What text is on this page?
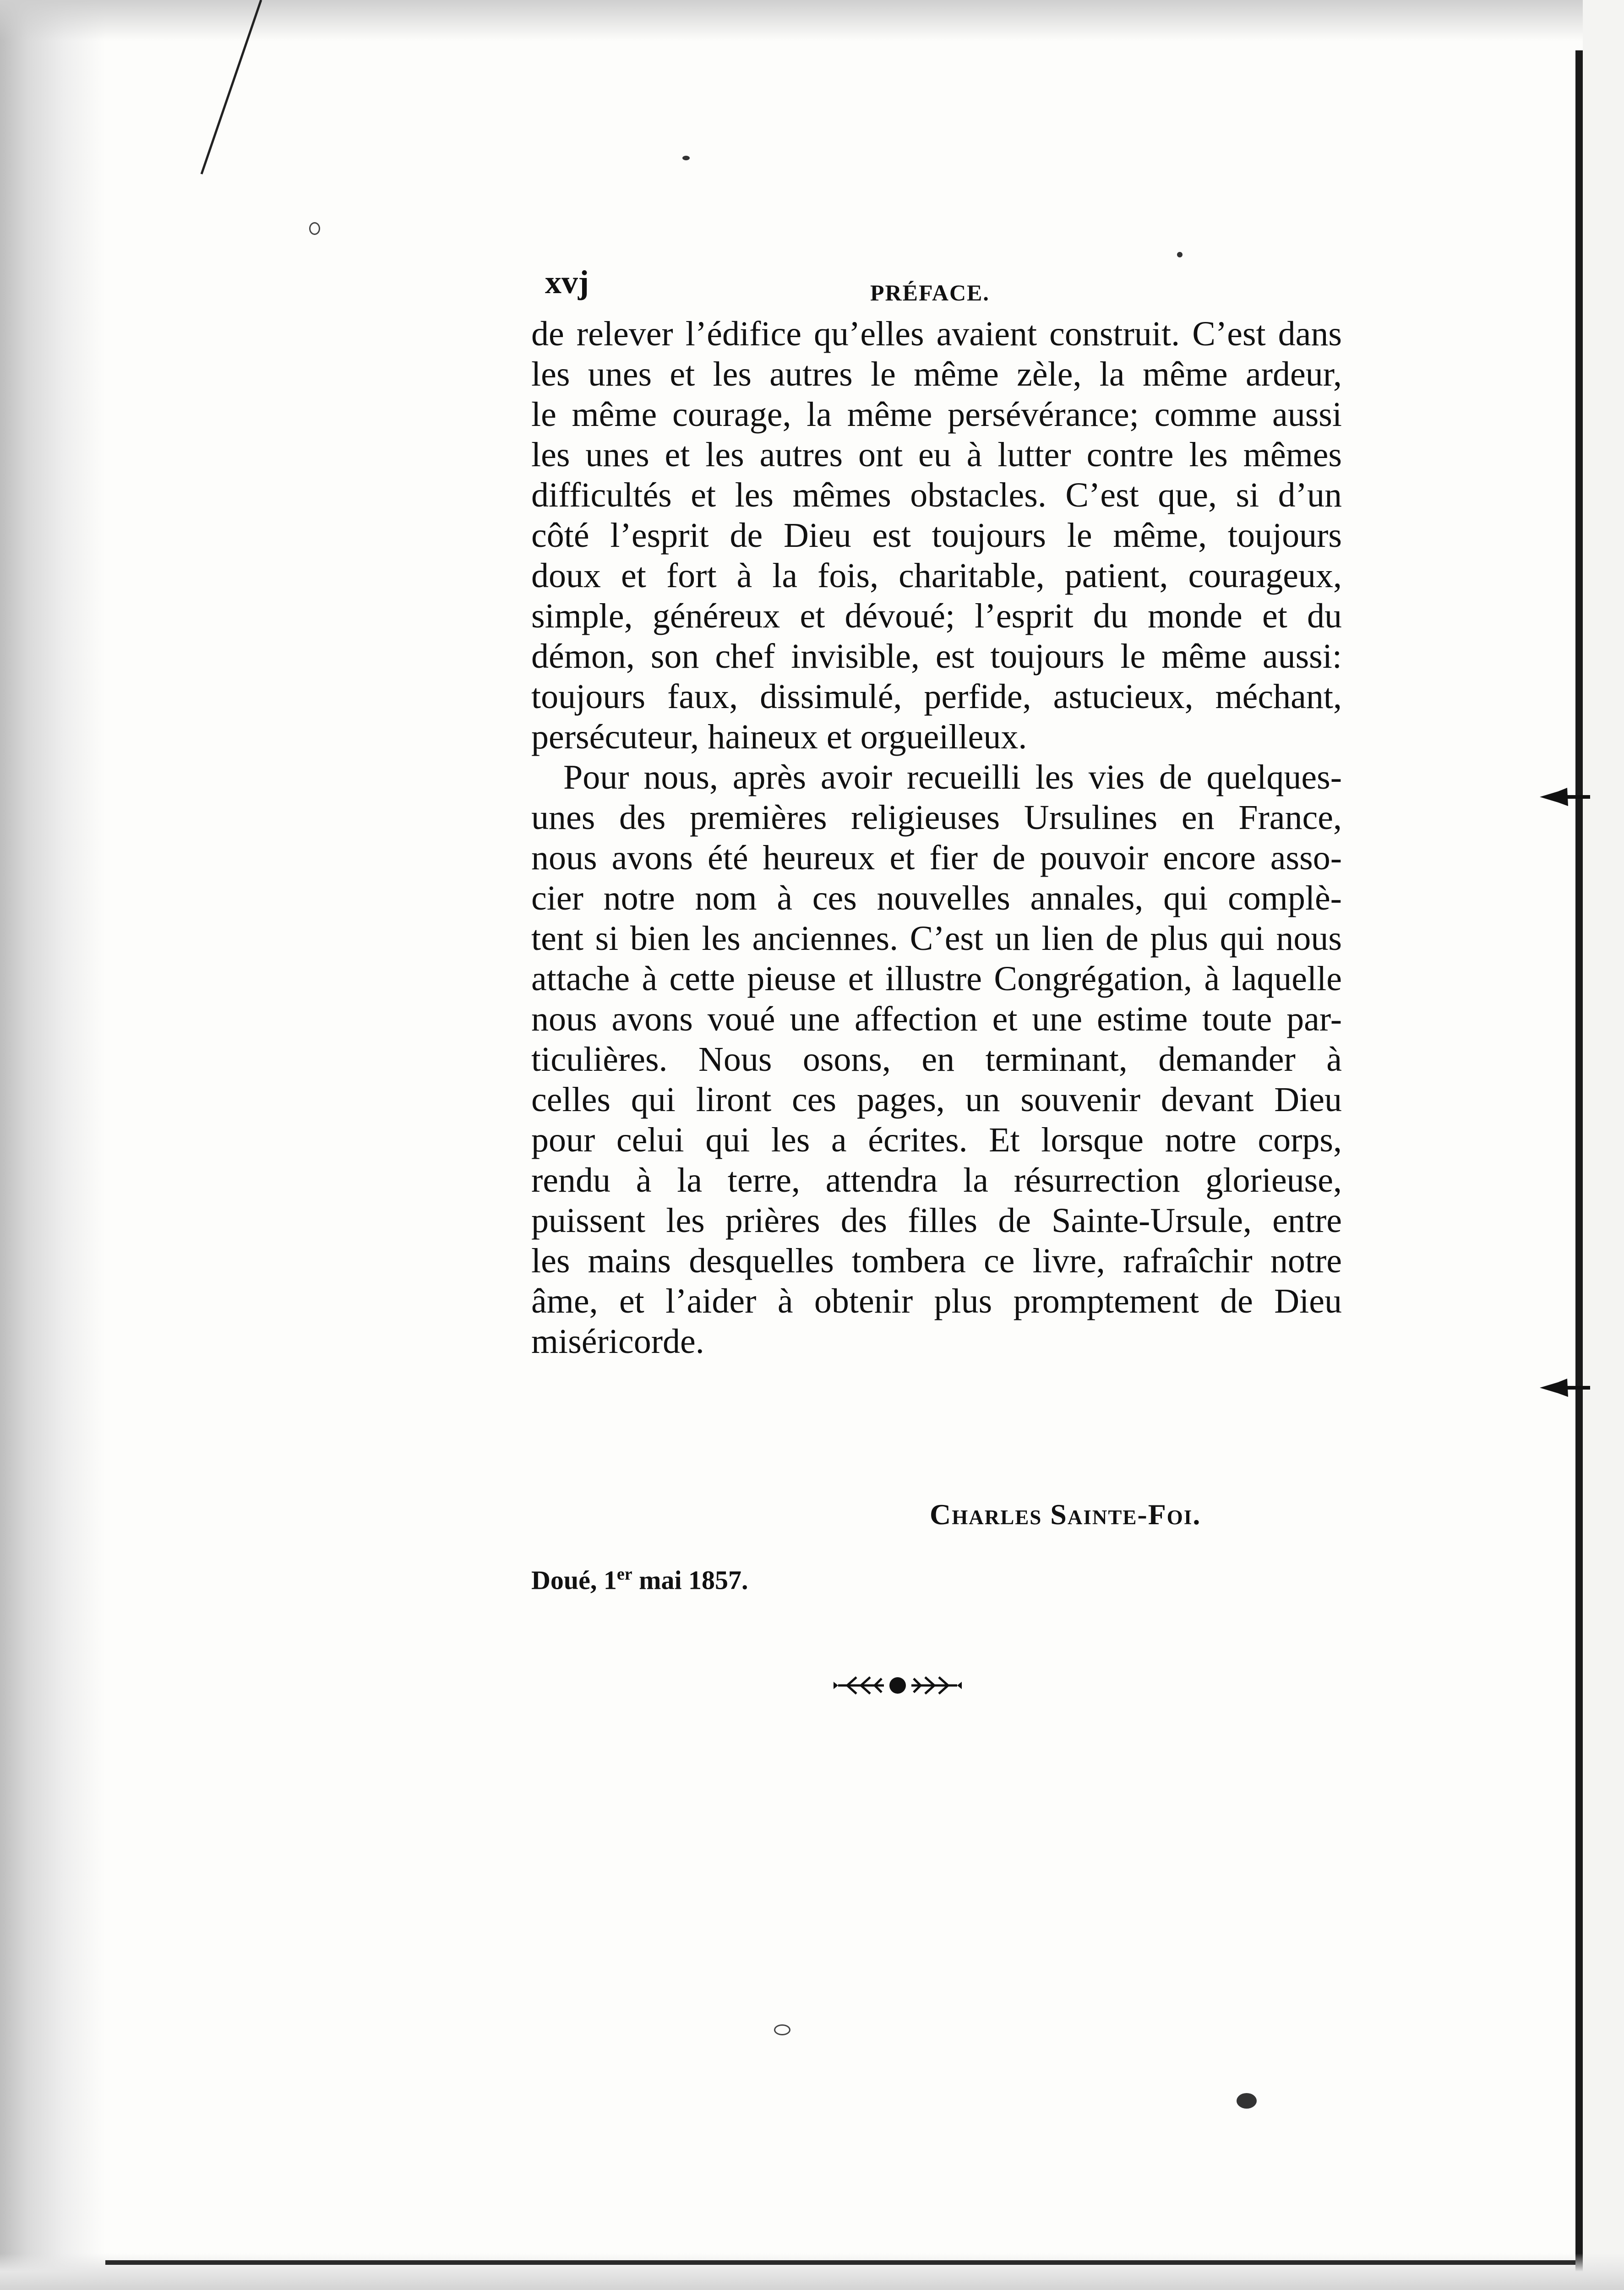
xvj	PRÉFACE.
de relever l’édifice qu’elles avaient construit. C’est dans
les unes et les autres le même zèle, la même ardeur,
le même courage, la même persévérance; comme aussi
les unes et les autres ont eu à lutter contre les mêmes
difficultés et les mêmes obstacles. C’est que, si d’un
côté l’esprit de Dieu est toujours le même, toujours
doux et fort à la fois, charitable, patient, courageux,
simple, généreux et dévoué; l’esprit du monde et du
démon, son chef invisible, est toujours le même aussi:
toujours faux, dissimulé, perfide, astucieux, méchant,
persécuteur, haineux et orgueilleux.
Pour nous, après avoir recueilli les vies de quelques-
unes des premières religieuses Ursulines en France,
nous avons été heureux et fier de pouvoir encore asso-
cier notre nom à ces nouvelles annales, qui complè-
tent si bien les anciennes. C’est un lien de plus qui nous
attache à cette pieuse et illustre Congrégation, à laquelle
nous avons voué une affection et une estime toute par-
ticulières. Nous osons, en terminant, demander à
celles qui liront ces pages, un souvenir devant Dieu
pour celui qui les a écrites. Et lorsque notre corps,
rendu à la terre, attendra la résurrection glorieuse,
puissent les prières des filles de Sainte-Ursule, entre
les mains desquelles tombera ce livre, rafraîchir notre
âme, et l’aider à obtenir plus promptement de Dieu
miséricorde.
Charles Sainte-Foi.
Doué, 1er mai 1857.
